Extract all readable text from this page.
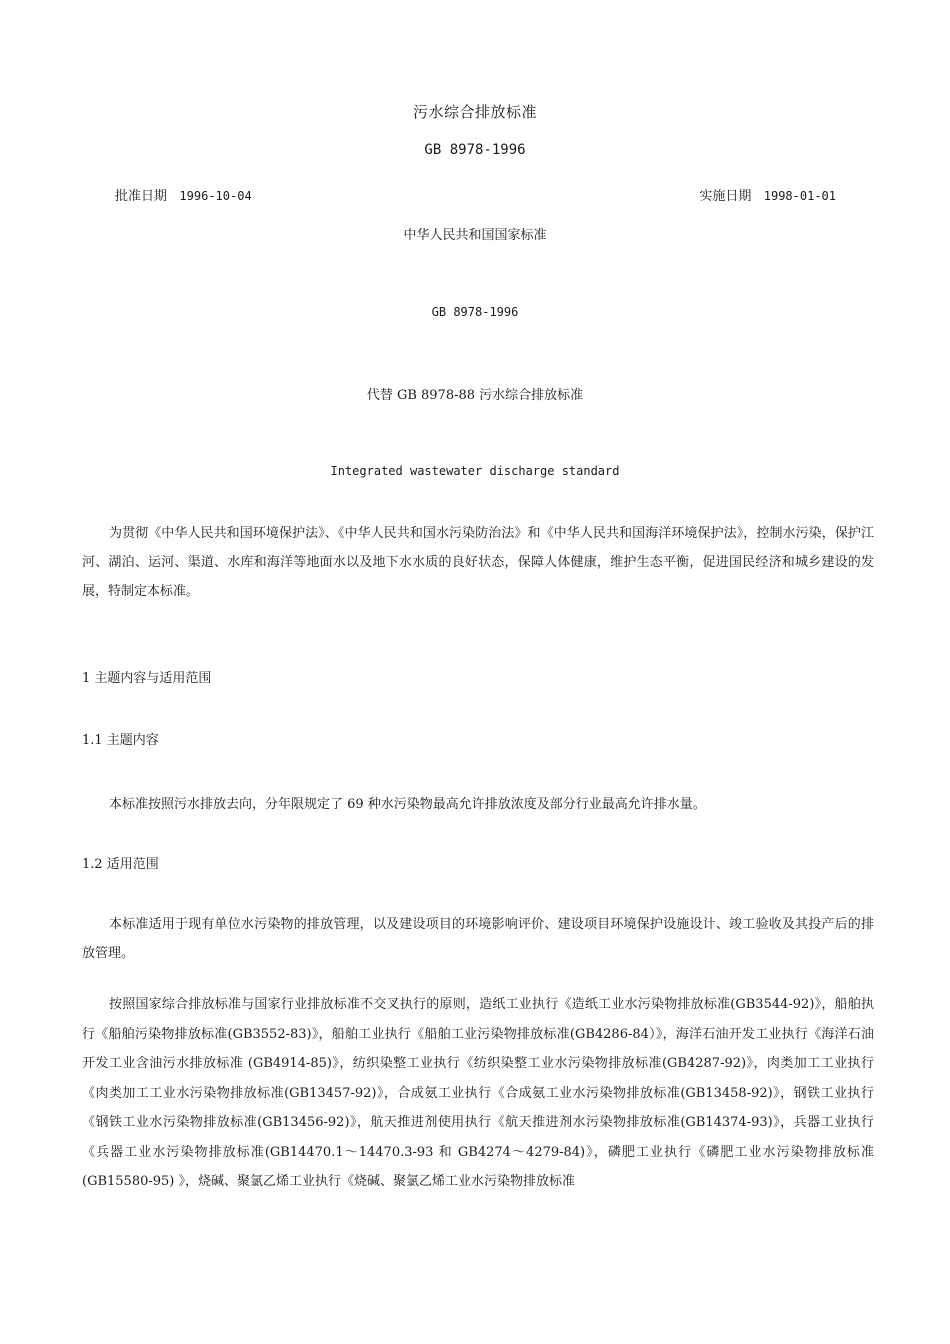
污水综合排放标准
GB 8978-1996
批准日期 1996-10-04	实施日期 1998-01-01
中华人民共和国国家标准
GB 8978-1996
代替 GB 8978-88 污水综合排放标准
Integrated wastewater discharge standard

为贯彻《中华人民共和国环境保护法》、《中华人民共和国水污染防治法》和《中华人民共和国海洋环境保护法》，控制水污染，保护江河、湖泊、运河、渠道、水库和海洋等地面水以及地下水水质的良好状态，保障人体健康，维护生态平衡，促进国民经济和城乡建设的发展，特制定本标准。

1 主题内容与适用范围
1.1 主题内容

本标准按照污水排放去向，分年限规定了 69 种水污染物最高允许排放浓度及部分行业最高允许排水量。

1.2 适用范围

本标准适用于现有单位水污染物的排放管理，以及建设项目的环境影响评价、建设项目环境保护设施设计、竣工验收及其投产后的排放管理。

按照国家综合排放标准与国家行业排放标准不交叉执行的原则，造纸工业执行《造纸工业水污染物排放标准(GB3544-92)》，船舶执行《船舶污染物排放标准(GB3552-83)》，船舶工业执行《船舶工业污染物排放标准(GB4286-84）》，海洋石油开发工业执行《海洋石油开发工业含油污水排放标准 (GB4914-85)》，纺织染整工业执行《纺织染整工业水污染物排放标准(GB4287-92)》，肉类加工工业执行《肉类加工工业水污染物排放标准(GB13457-92)》，合成氨工业执行《合成氨工业水污染物排放标准(GB13458-92)》，钢铁工业执行《钢铁工业水污染物排放标准(GB13456-92)》，航天推进剂使用执行《航天推进剂水污染物排放标准(GB14374-93)》，兵器工业执行《兵器工业水污染物排放标准(GB14470.1～14470.3-93 和 GB4274～4279-84)》，磷肥工业执行《磷肥工业水污染物排放标准 (GB15580-95) 》，烧碱、聚氯乙烯工业执行《烧碱、聚氯乙烯工业水污染物排放标准
